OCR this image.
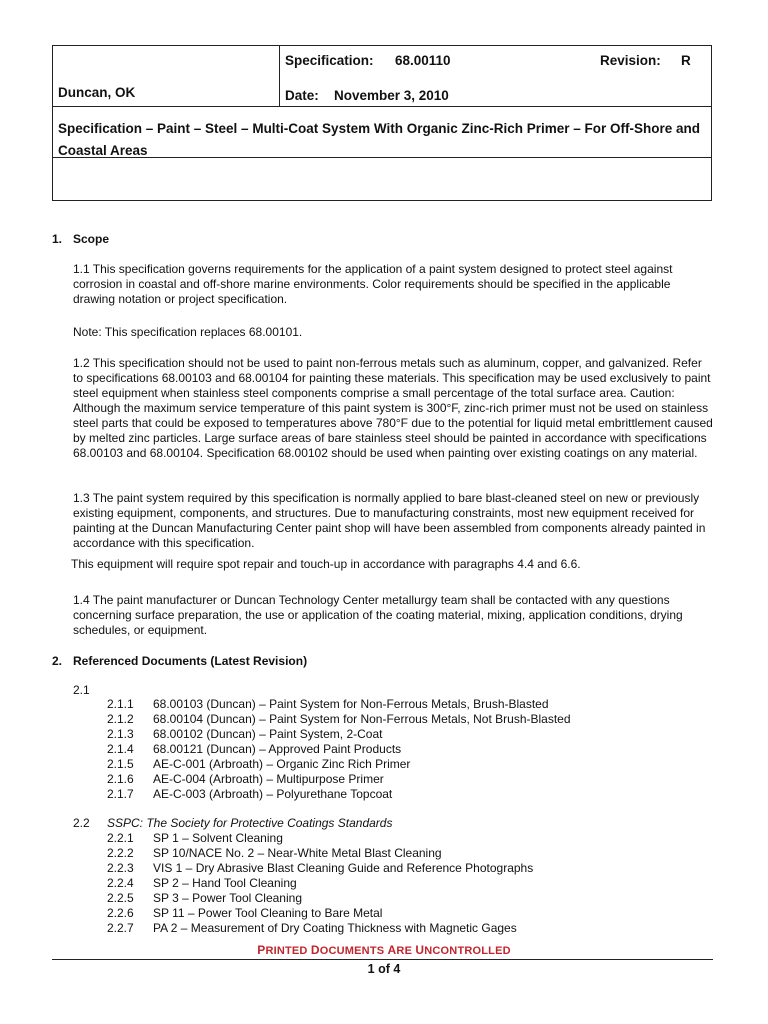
Duncan, OK
Specification: 68.00110	Revision: R
Date: November 3, 2010
Specification – Paint – Steel – Multi-Coat System With Organic Zinc-Rich Primer – For Off-Shore and Coastal Areas
1. Scope
1.1 This specification governs requirements for the application of a paint system designed to protect steel against corrosion in coastal and off-shore marine environments. Color requirements should be specified in the applicable drawing notation or project specification.
Note: This specification replaces 68.00101.
1.2 This specification should not be used to paint non-ferrous metals such as aluminum, copper, and galvanized. Refer to specifications 68.00103 and 68.00104 for painting these materials. This specification may be used exclusively to paint steel equipment when stainless steel components comprise a small percentage of the total surface area. Caution: Although the maximum service temperature of this paint system is 300°F, zinc-rich primer must not be used on stainless steel parts that could be exposed to temperatures above 780°F due to the potential for liquid metal embrittlement caused by melted zinc particles. Large surface areas of bare stainless steel should be painted in accordance with specifications 68.00103 and 68.00104. Specification 68.00102 should be used when painting over existing coatings on any material.
1.3 The paint system required by this specification is normally applied to bare blast-cleaned steel on new or previously existing equipment, components, and structures. Due to manufacturing constraints, most new equipment received for painting at the Duncan Manufacturing Center paint shop will have been assembled from components already painted in accordance with this specification.
This equipment will require spot repair and touch-up in accordance with paragraphs 4.4 and 6.6.
1.4 The paint manufacturer or Duncan Technology Center metallurgy team shall be contacted with any questions concerning surface preparation, the use or application of the coating material, mixing, application conditions, drying schedules, or equipment.
2. Referenced Documents (Latest Revision)
2.1
2.1.1 68.00103 (Duncan) – Paint System for Non-Ferrous Metals, Brush-Blasted
2.1.2 68.00104 (Duncan) – Paint System for Non-Ferrous Metals, Not Brush-Blasted
2.1.3 68.00102 (Duncan) – Paint System, 2-Coat
2.1.4 68.00121 (Duncan) – Approved Paint Products
2.1.5 AE-C-001 (Arbroath) – Organic Zinc Rich Primer
2.1.6 AE-C-004 (Arbroath) – Multipurpose Primer
2.1.7 AE-C-003 (Arbroath) – Polyurethane Topcoat
2.2 SSPC: The Society for Protective Coatings Standards
2.2.1 SP 1 – Solvent Cleaning
2.2.2 SP 10/NACE No. 2 – Near-White Metal Blast Cleaning
2.2.3 VIS 1 – Dry Abrasive Blast Cleaning Guide and Reference Photographs
2.2.4 SP 2 – Hand Tool Cleaning
2.2.5 SP 3 – Power Tool Cleaning
2.2.6 SP 11 – Power Tool Cleaning to Bare Metal
2.2.7 PA 2 – Measurement of Dry Coating Thickness with Magnetic Gages
PRINTED DOCUMENTS ARE UNCONTROLLED
1 of 4
